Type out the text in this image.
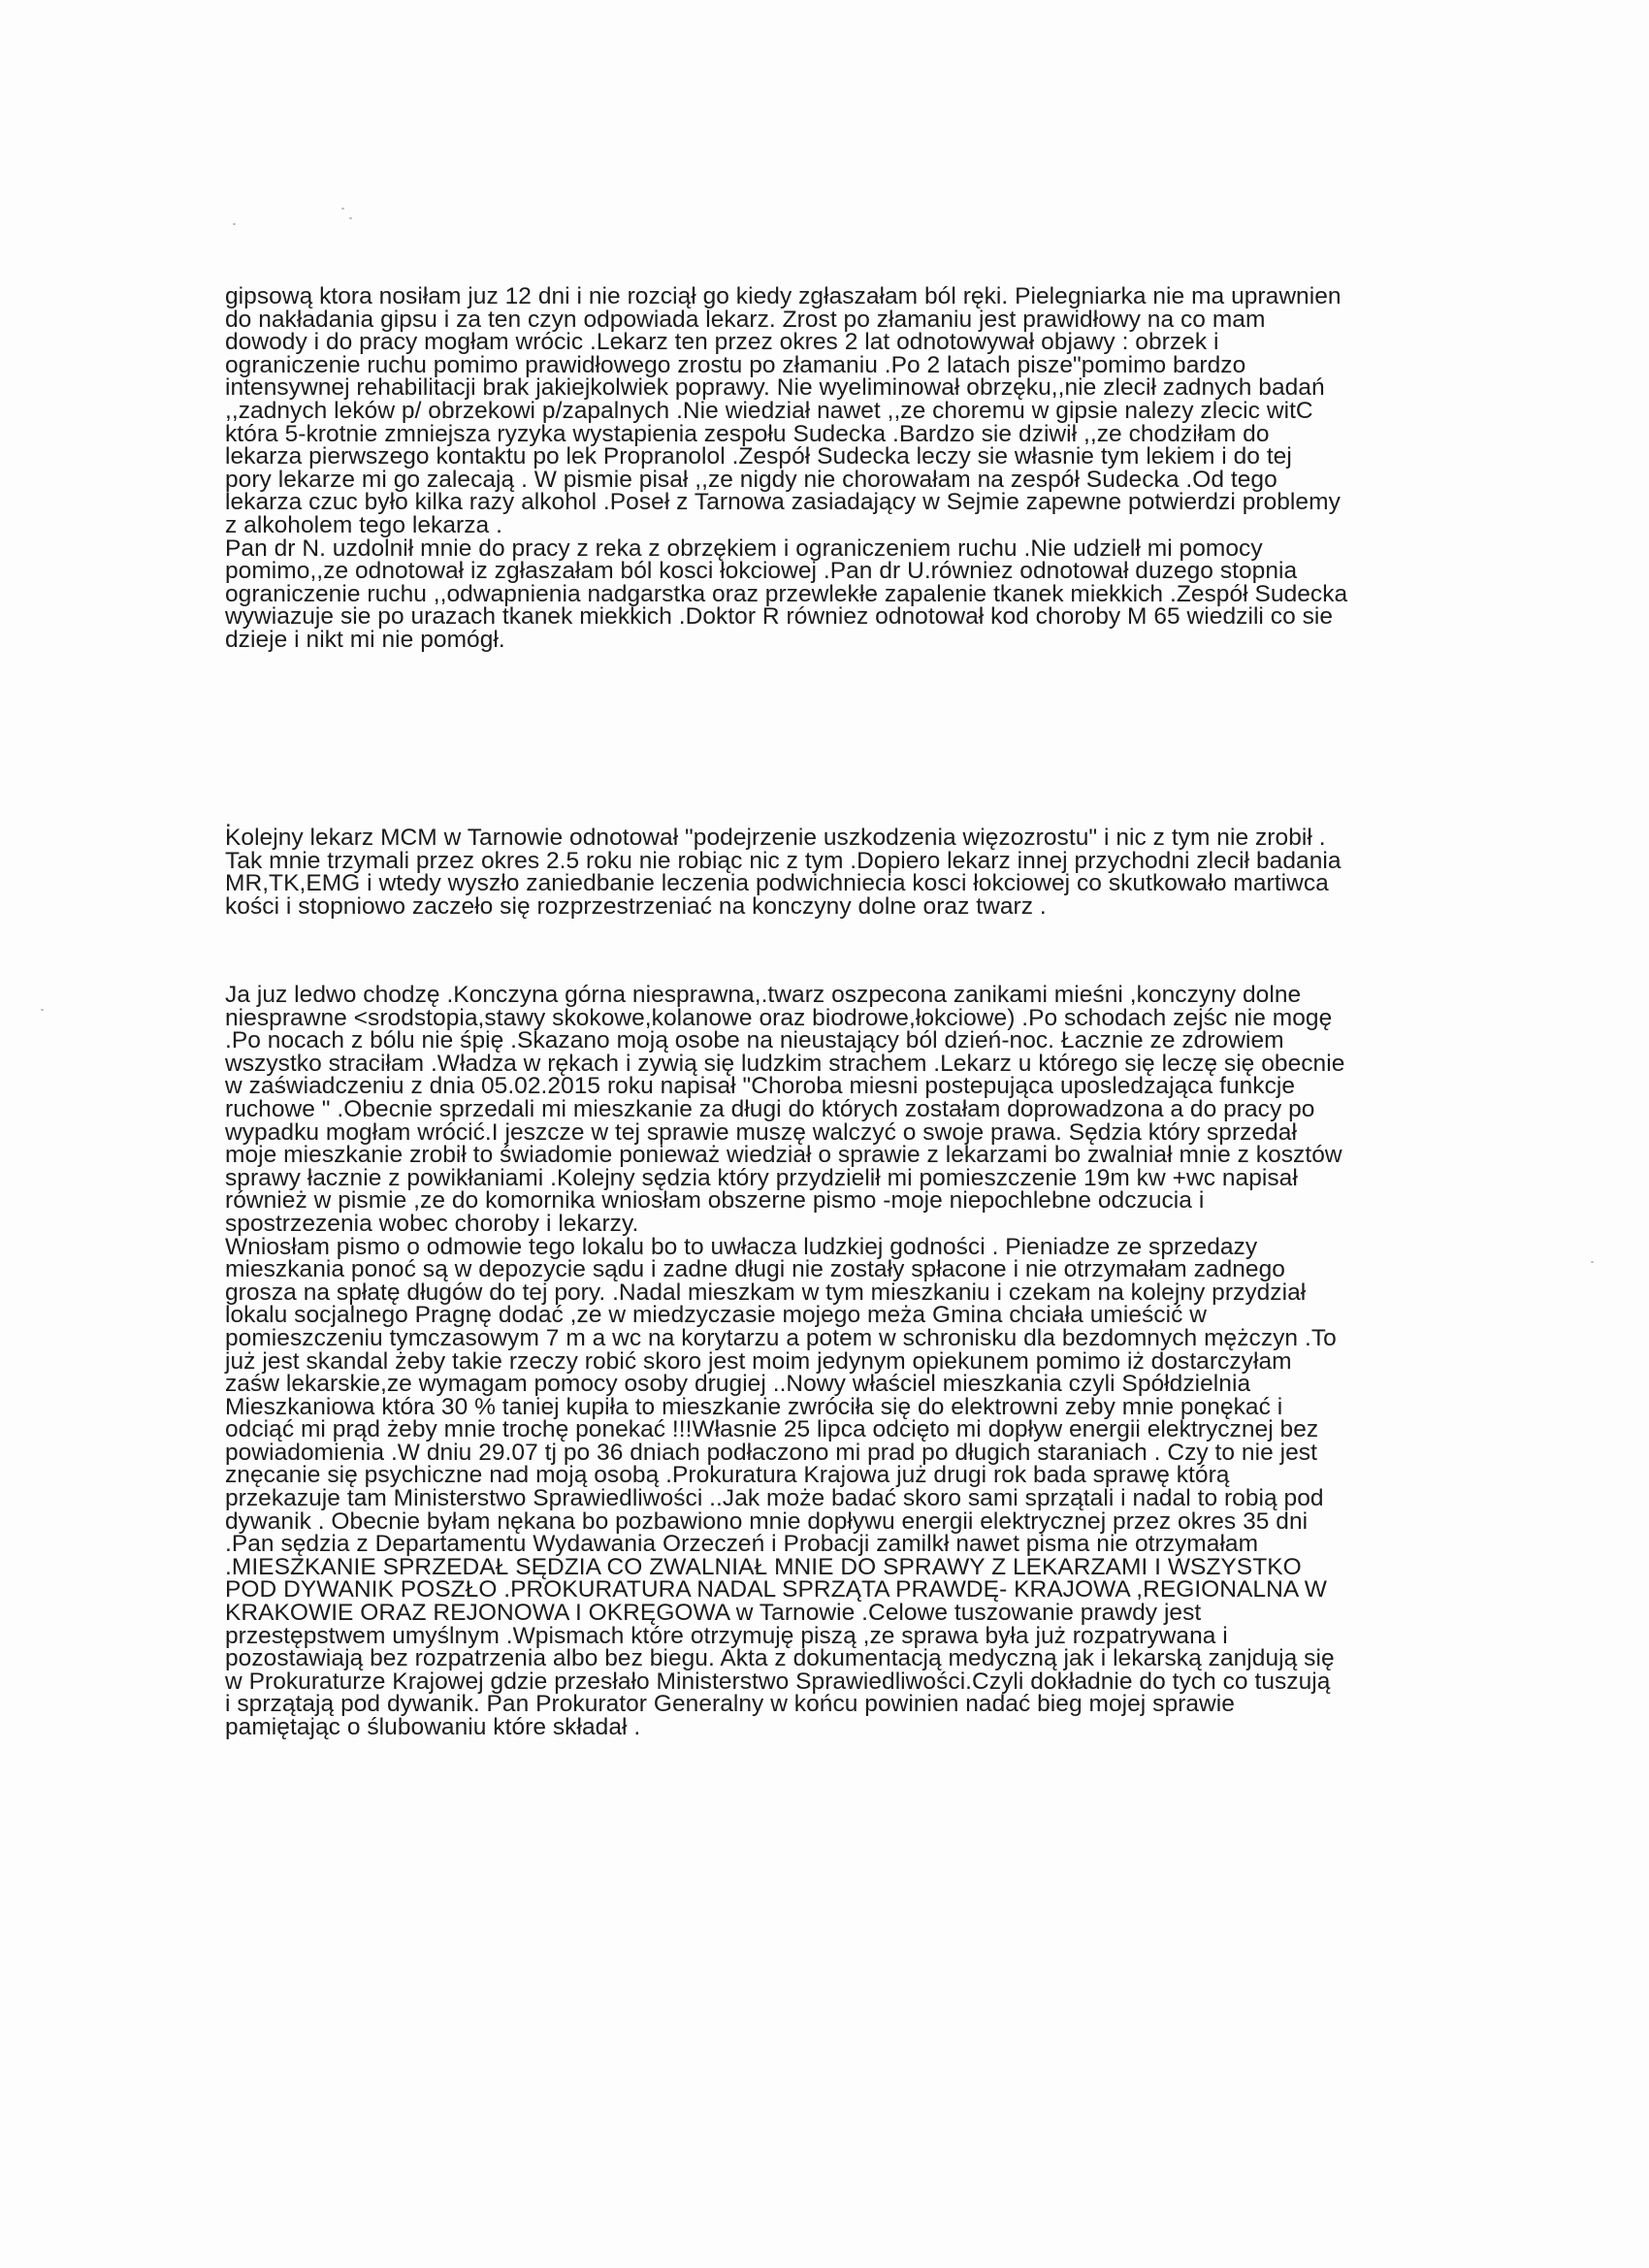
gipsową ktora nosiłam juz 12 dni i nie rozciął go kiedy zgłaszałam ból ręki. Pielegniarka nie ma uprawnien
do nakładania gipsu i za ten czyn odpowiada lekarz. Zrost po złamaniu jest prawidłowy na co mam
dowody i do pracy mogłam wrócic .Lekarz ten przez okres 2 lat odnotowywał objawy : obrzek i
ograniczenie ruchu pomimo prawidłowego zrostu po złamaniu .Po 2 latach pisze"pomimo bardzo
intensywnej rehabilitacji brak jakiejkolwiek poprawy. Nie wyeliminował obrzęku,,nie zlecił zadnych badań
,,zadnych leków p/ obrzekowi p/zapalnych .Nie wiedział nawet ,,ze choremu w gipsie nalezy zlecic witC
która 5-krotnie zmniejsza ryzyka wystapienia zespołu Sudecka .Bardzo sie dziwił ,,ze chodziłam do
lekarza pierwszego kontaktu po lek Propranolol .Zespół Sudecka leczy sie własnie tym lekiem i do tej
pory lekarze mi go zalecają . W pismie pisał ,,ze nigdy nie chorowałam na zespół Sudecka .Od tego
lekarza czuc było kilka razy alkohol .Poseł z Tarnowa zasiadający w Sejmie zapewne potwierdzi problemy
z alkoholem tego lekarza .
Pan dr N. uzdolnił mnie do pracy z reka z obrzękiem i ograniczeniem ruchu .Nie udzielł mi pomocy
pomimo,,ze odnotował iz zgłaszałam ból kosci łokciowej .Pan dr U.równiez odnotował duzego stopnia
ograniczenie ruchu ,,odwapnienia nadgarstka oraz przewlekłe zapalenie tkanek miekkich .Zespół Sudecka
wywiazuje sie po urazach tkanek miekkich .Doktor R równiez odnotował kod choroby M 65 wiedzili co sie
dzieje i nikt mi nie pomógł.
.
Kolejny lekarz MCM w Tarnowie odnotował "podejrzenie uszkodzenia więzozrostu" i nic z tym nie zrobił .
Tak mnie trzymali przez okres 2.5 roku nie robiąc nic z tym .Dopiero lekarz innej przychodni zlecił badania
MR,TK,EMG i wtedy wyszło zaniedbanie leczenia podwichniecia kosci łokciowej co skutkowało martiwca
kości i stopniowo zaczeło się rozprzestrzeniać na konczyny dolne oraz twarz .
Ja juz ledwo chodzę .Konczyna górna niesprawna,.twarz oszpecona zanikami mieśni ,konczyny dolne
niesprawne <srodstopia,stawy skokowe,kolanowe oraz biodrowe,łokciowe) .Po schodach zejśc nie mogę
.Po nocach z bólu nie śpię .Skazano moją osobe na nieustający ból dzień-noc. Łacznie ze zdrowiem
wszystko straciłam .Władza w rękach i zywią się ludzkim strachem .Lekarz u którego się leczę się obecnie
w zaświadczeniu z dnia 05.02.2015 roku napisał "Choroba miesni postepująca uposledzająca funkcje
ruchowe " .Obecnie sprzedali mi mieszkanie za długi do których zostałam doprowadzona a do pracy po
wypadku mogłam wrócić.I jeszcze w tej sprawie muszę walczyć o swoje prawa. Sędzia który sprzedał
moje mieszkanie zrobił to świadomie ponieważ wiedział o sprawie z lekarzami bo zwalniał mnie z kosztów
sprawy łacznie z powikłaniami .Kolejny sędzia który przydzielił mi pomieszczenie 19m kw +wc napisał
również w pismie ,ze do komornika wniosłam obszerne pismo -moje niepochlebne odczucia i
spostrzezenia wobec choroby i lekarzy.
Wniosłam pismo o odmowie tego lokalu bo to uwłacza ludzkiej godności . Pieniadze ze sprzedazy
mieszkania ponoć są w depozycie sądu i zadne długi nie zostały spłacone i nie otrzymałam zadnego
grosza na spłatę długów do tej pory. .Nadal mieszkam w tym mieszkaniu i czekam na kolejny przydział
lokalu socjalnego Pragnę dodać ,ze w miedzyczasie mojego meża Gmina chciała umieścić w
pomieszczeniu tymczasowym 7 m a wc na korytarzu a potem w schronisku dla bezdomnych mężczyn .To
już jest skandal żeby takie rzeczy robić skoro jest moim jedynym opiekunem pomimo iż dostarczyłam
zaśw lekarskie,ze wymagam pomocy osoby drugiej ..Nowy właściel mieszkania czyli Spółdzielnia
Mieszkaniowa która 30 % taniej kupiła to mieszkanie zwróciła się do elektrowni zeby mnie ponękać i
odciąć mi prąd żeby mnie trochę ponekać !!!Własnie 25 lipca odcięto mi dopływ energii elektrycznej bez
powiadomienia .W dniu 29.07 tj po 36 dniach podłaczono mi prad po długich staraniach . Czy to nie jest
znęcanie się psychiczne nad moją osobą .Prokuratura Krajowa już drugi rok bada sprawę którą
przekazuje tam Ministerstwo Sprawiedliwości ..Jak może badać skoro sami sprzątali i nadal to robią pod
dywanik . Obecnie byłam nękana bo pozbawiono mnie dopływu energii elektrycznej przez okres 35 dni
.Pan sędzia z Departamentu Wydawania Orzeczeń i Probacji zamilkł nawet pisma nie otrzymałam
.MIESZKANIE SPRZEDAŁ SĘDZIA CO ZWALNIAŁ MNIE DO SPRAWY Z LEKARZAMI I WSZYSTKO
POD DYWANIK POSZŁO .PROKURATURA NADAL SPRZĄTA PRAWDĘ- KRAJOWA ,REGIONALNA W
KRAKOWIE ORAZ REJONOWA I OKRĘGOWA w Tarnowie .Celowe tuszowanie prawdy jest
przestępstwem umyślnym .Wpismach które otrzymuję piszą ,ze sprawa była już rozpatrywana i
pozostawiają bez rozpatrzenia albo bez biegu. Akta z dokumentacją medyczną jak i lekarską zanjdują się
w Prokuraturze Krajowej gdzie przesłało Ministerstwo Sprawiedliwości.Czyli dokładnie do tych co tuszują
i sprzątają pod dywanik. Pan Prokurator Generalny w końcu powinien nadać bieg mojej sprawie
pamiętając o ślubowaniu które składał .
